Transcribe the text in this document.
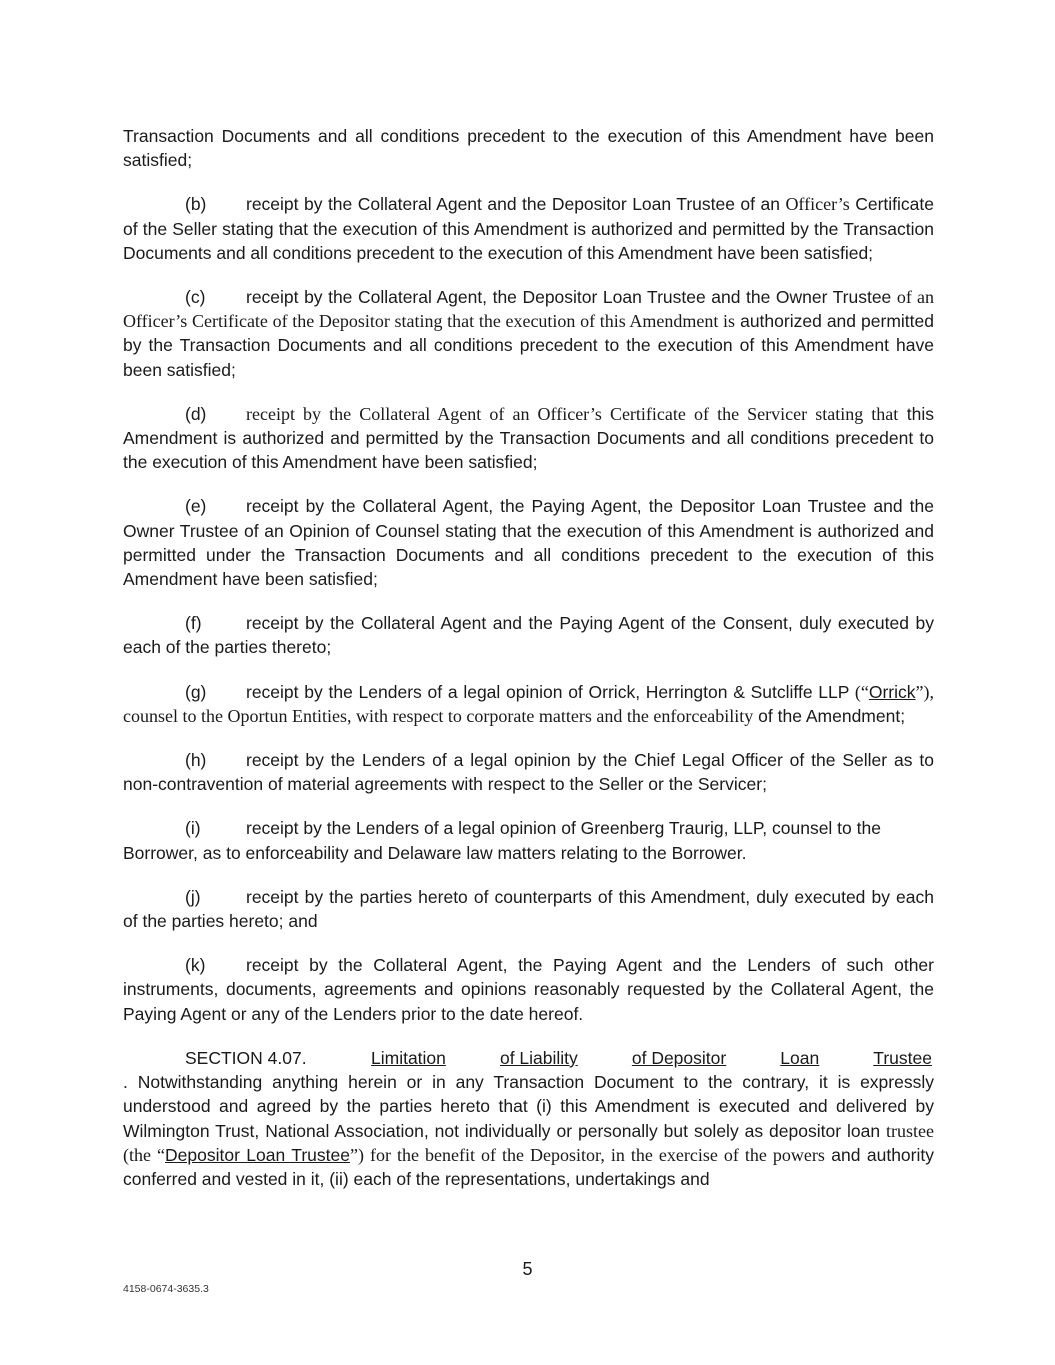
Transaction Documents and all conditions precedent to the execution of this Amendment have been satisfied;

(b) receipt by the Collateral Agent and the Depositor Loan Trustee of an Officer’s Certificate of the Seller stating that the execution of this Amendment is authorized and permitted by the Transaction Documents and all conditions precedent to the execution of this Amendment have been satisfied;

(c) receipt by the Collateral Agent, the Depositor Loan Trustee and the Owner Trustee of an Officer’s Certificate of the Depositor stating that the execution of this Amendment is authorized and permitted by the Transaction Documents and all conditions precedent to the execution of this Amendment have been satisfied;

(d) receipt by the Collateral Agent of an Officer’s Certificate of the Servicer stating that this Amendment is authorized and permitted by the Transaction Documents and all conditions precedent to the execution of this Amendment have been satisfied;

(e) receipt by the Collateral Agent, the Paying Agent, the Depositor Loan Trustee and the Owner Trustee of an Opinion of Counsel stating that the execution of this Amendment is authorized and permitted under the Transaction Documents and all conditions precedent to the execution of this Amendment have been satisfied;

(f)	receipt by the Collateral Agent and the Paying Agent of the Consent, duly executed by each of the parties thereto;

(g) receipt by the Lenders of a legal opinion of Orrick, Herrington & Sutcliffe LLP (“Orrick”), counsel to the Oportun Entities, with respect to corporate matters and the enforceability of the Amendment;

(h) receipt by the Lenders of a legal opinion by the Chief Legal Officer of the Seller as to non-contravention of material agreements with respect to the Seller or the Servicer;

(i)	receipt by the Lenders of a legal opinion of Greenberg Traurig, LLP, counsel to the Borrower, as to enforceability and Delaware law matters relating to the Borrower.

(j)	receipt by the parties hereto of counterparts of this Amendment, duly executed by each of the parties hereto; and

(k) receipt by the Collateral Agent, the Paying Agent and the Lenders of such other instruments, documents, agreements and opinions reasonably requested by the Collateral Agent, the Paying Agent or any of the Lenders prior to the date hereof.

SECTION 4.07.	Limitation	of Liability	of Depositor	Loan	Trustee
. Notwithstanding anything herein or in any Transaction Document to the contrary, it is expressly understood and agreed by the parties hereto that (i) this Amendment is executed and delivered by Wilmington Trust, National Association, not individually or personally but solely as depositor loan trustee (the “Depositor Loan Trustee”) for the benefit of the Depositor, in the exercise of the powers and authority conferred and vested in it, (ii) each of the representations, undertakings and

5
4158-0674-3635.3
